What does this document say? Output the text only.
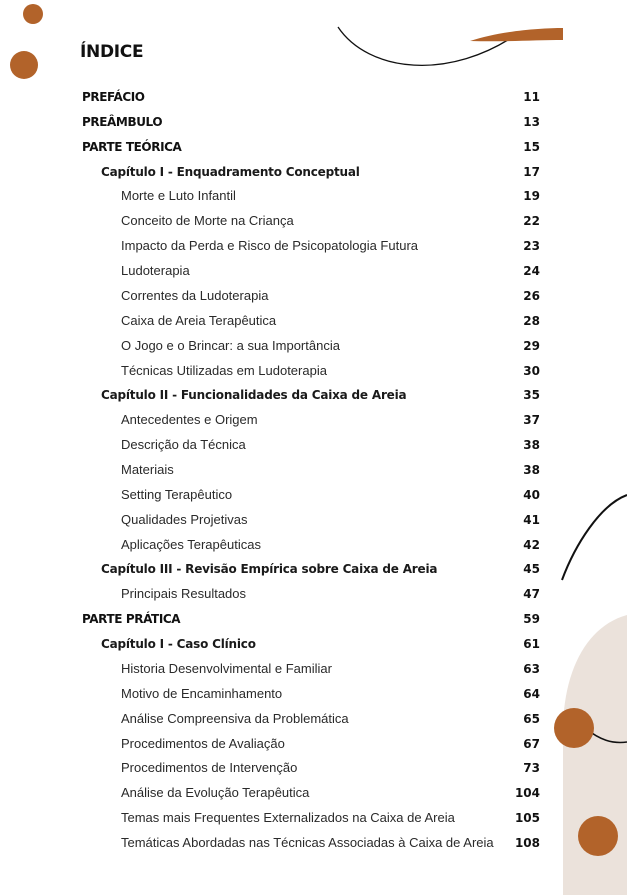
ÍNDICE
PREFÁCIO	11
PREÂMBULO	13
PARTE TEÓRICA	15
Capítulo I - Enquadramento Conceptual	17
Morte e Luto Infantil	19
Conceito de Morte na Criança	22
Impacto da Perda e Risco de Psicopatologia Futura	23
Ludoterapia	24
Correntes da Ludoterapia	26
Caixa de Areia Terapêutica	28
O Jogo e o Brincar: a sua Importância	29
Técnicas Utilizadas em Ludoterapia	30
Capítulo II - Funcionalidades da Caixa de Areia	35
Antecedentes e Origem	37
Descrição da Técnica	38
Materiais	38
Setting Terapêutico	40
Qualidades Projetivas	41
Aplicações Terapêuticas	42
Capítulo III - Revisão Empírica sobre Caixa de Areia	45
Principais Resultados	47
PARTE PRÁTICA	59
Capítulo I - Caso Clínico	61
Historia Desenvolvimental e Familiar	63
Motivo de Encaminhamento	64
Análise Compreensiva da Problemática	65
Procedimentos de Avaliação	67
Procedimentos de Intervenção	73
Análise da Evolução Terapêutica	104
Temas mais Frequentes Externalizados na Caixa de Areia	105
Temáticas Abordadas nas Técnicas Associadas à Caixa de Areia 108
